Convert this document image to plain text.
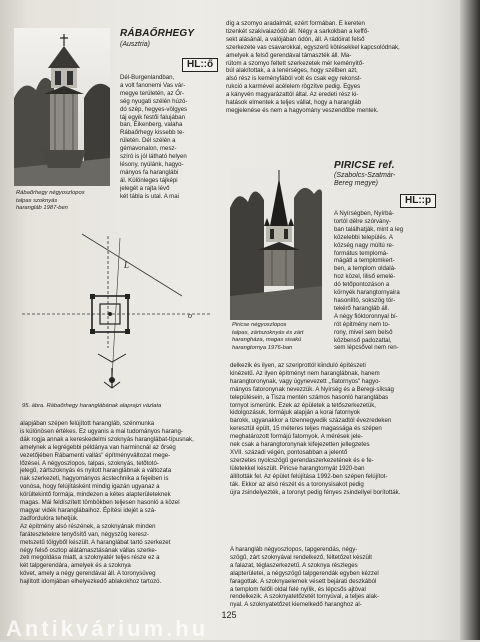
Rábaőrhegy négyoszlopos
talpas szoknyás
harangláb 1987-ben
RÁBAŐRHEGY
(Ausztria)
HL::ő
Dél-Burgenlandban,
a volt fanonemi Vas vár-
megye területén, az Őr-
ség nyugati szélén húzó-
dó szép, hegyes-völgyes
táj egyik festői falujában
ban, Eikenberg, valaha
Rábaőrhegy kissebb te-
rületén. Dél szélén a
gémavonalon, mesz-
szíró is jól látható helyen
lésony, nyúlánk, hagyo-
mányos fa haranglábi
ál. Különleges tájképi
jelegét a rajta lévő
két tábla is utal. A mai
díg a szomyo aradalmát, ezért formában. E kereten
tizenkét szakivaiazódó áll. Négy a sarkokban a keffő-
sekt alásánál, a valójában ódón, áll. A rádóirat felső
szerkezete vas csavarokkal, egyszerű kötésekkel kapcsolódnak,
amelyek a felső gerendával támaszték áll. Ma-
rütom a szomyo feltett szerkezetek mér keményítő-
búl alakítottak, a a lenérséges, hogy szélben azt,
alsó rész is keményfából volt és csak egy rekonst-
rukció a karmével acélelem rögzítve pedig. Egyes
a kányvén magyarázattól által. Az eredeti rész ki-
hatások elmentek a teljes vállat, hogy a harangláb
megjelenése és nem a hagyomány veszendőbe mentek.
L
o
95. ábra. Rábaőrhegy haranglábának alaprajzi vázlata
Piricse négyoszlopos
talpas, zártszoknyás és zárt
harangháza, magas sisakú
harangtornya 1976-ban
PIRICSE ref.
(Szabolcs-Szatmár-
Bereg megye)
HL::p
A Nyírségben, Nyírbá-
tortól délre szórvány-
ban találhatják, mint a leg
közelebbi település. A
község nagy múltú re-
formátus templomá-
mágátl a templomkert-
ben, a templom oldalá-
hoz közel, liliső emelé-
dó tetőpontozáson a
környék harangtornyaira
hasonlító, sokszög tör-
tekérő harangláb áll.
A négy fióktoronnyal bí-
rót épitmény nem to-
rony, mivel sem belső
közbenső padozattal,
sem lépcsővel nem ren-
delkezik és ilyen, az szeriprottól kiinduló építészeti
kinézetű. Az ilyen építményt nem haranglábnak, hanem
harangtoronynak, vagy úgynevezett ,,fiatornyos" hagyo-
mányos fatoronynak nevezzük. A Nyírség és a Beregi-síkság
településein, a Tisza mentén számos hasonló haranglábas
tornyot ismerünk. Ezek az épületek a tetőszerkezetük,
kidolgozásuk, formájuk alapján a korai fatornyok
barokk, ugyanakkor a tizennegyedik századtól évezredeken
keresztül épült, 15 méteres teljes magassága és szépen
meghatározott formájú fatornyok. A mérések jele-
nek csak a harangtoronynak kifejezetten jellegzetes
XVII. századi végén, pontosabban a jelentő
szerzetes nyolcszögű gerendaszerkezetének és e fe-
lületekkel készült. Piricse harangtornyát 1920-ban
állították fel. Az épület felújítása 1992-ben szépen felújítot-
ták. Ekkor az alsó részét és a toronysisakot pedig
újra zsindelyezték, a toronyt pedig fényes zsindellyel borították.
A harangláb négyoszlopos, tapgerendás, négy-
szögű, zárt szoknyával rendelkező, féltetőzet készült
a falazat, téglaszerkezetű. A szoknya részleges
alapterületei, a négyszögű talpgerendák egyben kézzel
faragottak. A szoknyaelemek vésett bejárati deszkából
a templom felőli oldal felé nyílik, és lépcsős ajtóval
rendelkezik. A szoknyatetőzetét tornyúval, a teljes alak-
nyal. A szoknyatetőzet kiemelkedő haranghoz al-
alapjában szépen felújított harangláb, szénmunka
is különösen értékes. Ez ugyanis a mai tudományos harang-
dák rogja annak a kereskedelmi szoknyás haranglábat-típusnak,
amelynek a legrégebbi példánya van harmincnál az őrség
vezetőjében Rábamenti vallás" építményváltozat mege-
lőzései. A négyoszlopos, talpas, szoknyás, tetőtotó-
jelegű, zártszoknyás és nyitott haranglábnak a változata
nak szerkezeti, hagyományos ácstechnika a fejeiben is
vonósa, hogy felújításként mindig igazán ugyanaz a
körültekintő formája, mindezen a kétes alapterületeknek
magas. Mái feldíszített tömbökben teljesen hasonló a közel
magyar vidék haranglábaihoz. Építési idejét a szá-
zadfordulóra tehetjük.
Az építmény alsó részének, a szoknyának minden
faráteszletekre tenyősítő van, négyszög keresz-
metszetű tölgyből készült. A haranglábat tartó szerkezet
négy felső oszlop alátámasztásának vállas szerke-
zeti megoldása miatt, a szoknyatér teljes része ez a
két talpgerendára, amelyek és a szoknya
követ, amely a négy gerendával áll. A toronysüveg
hajlított idomjában elhelyezkedő ablakokhoz tartozó.
125
Antikvárium.hu
